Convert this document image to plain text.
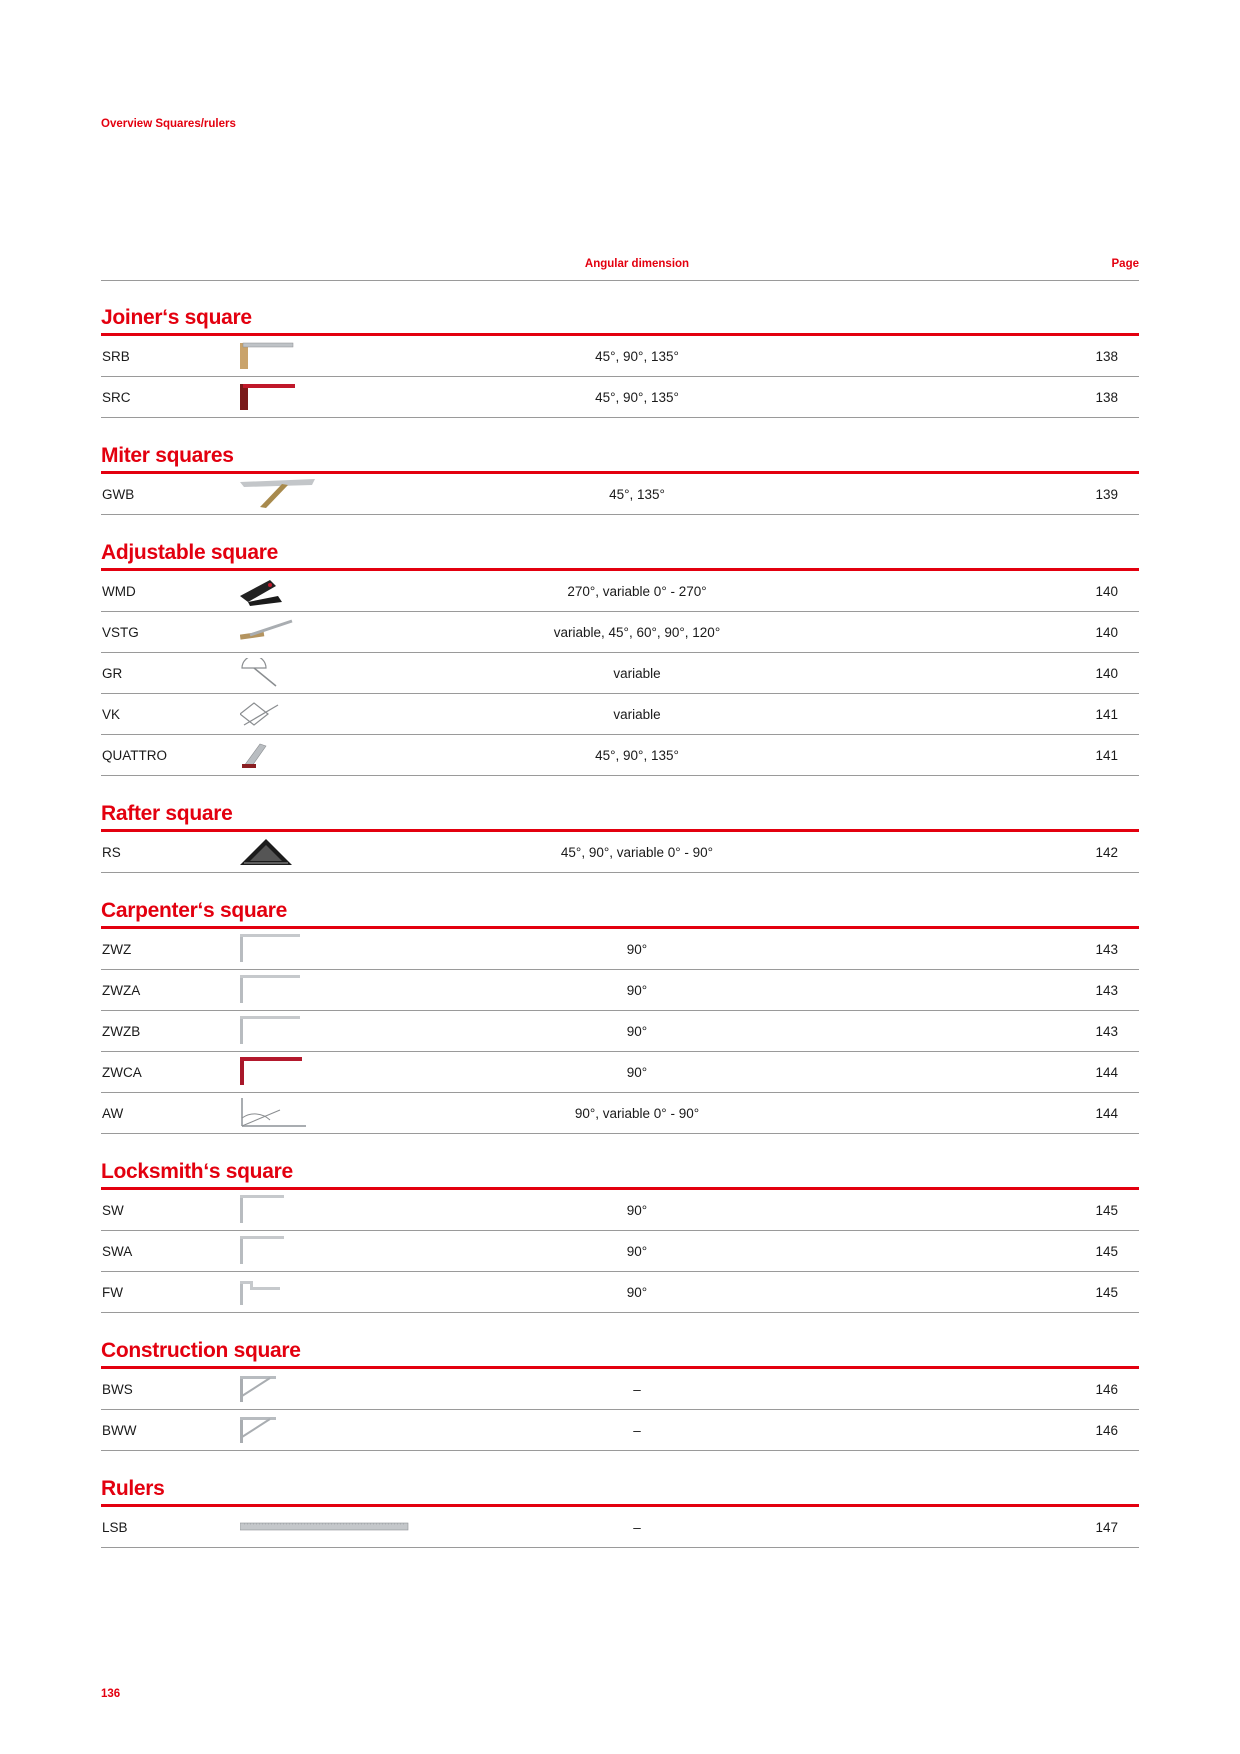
Overview Squares/rulers
Angular dimension	Page
Joiner‘s square
SRB	45°, 90°, 135°	138
SRC	45°, 90°, 135°	138
Miter squares
GWB	45°, 135°	139
Adjustable square
WMD	270°, variable 0° - 270°	140
VSTG	variable, 45°, 60°, 90°, 120°	140
GR	variable	140
VK	variable	141
QUATTRO	45°, 90°, 135°	141
Rafter square
RS	45°, 90°, variable 0° - 90°	142
Carpenter‘s square
ZWZ	90°	143
ZWZA	90°	143
ZWZB	90°	143
ZWCA	90°	144
AW	90°, variable 0° - 90°	144
Locksmith‘s square
SW	90°	145
SWA	90°	145
FW	90°	145
Construction square
BWS	–	146
BWW	–	146
Rulers
LSB	–	147
136
